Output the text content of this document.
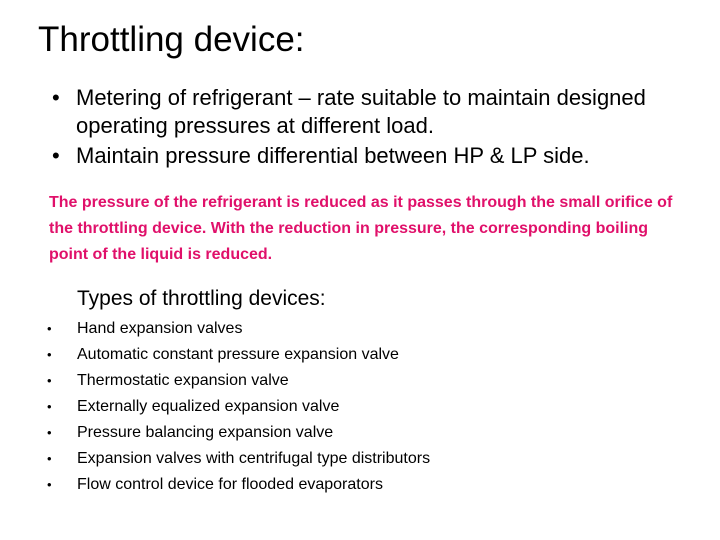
Throttling device:
• Metering of refrigerant – rate suitable to maintain designed operating pressures at different load.
• Maintain pressure differential between HP & LP side.
The pressure of the refrigerant is reduced as it passes through the small orifice of the throttling device. With the reduction in pressure, the corresponding boiling point of the liquid is reduced.
Types of throttling devices:
• Hand expansion valves
• Automatic constant pressure expansion valve
• Thermostatic expansion valve
• Externally equalized expansion valve
• Pressure balancing expansion valve
• Expansion valves with centrifugal type distributors
• Flow control device for flooded evaporators
